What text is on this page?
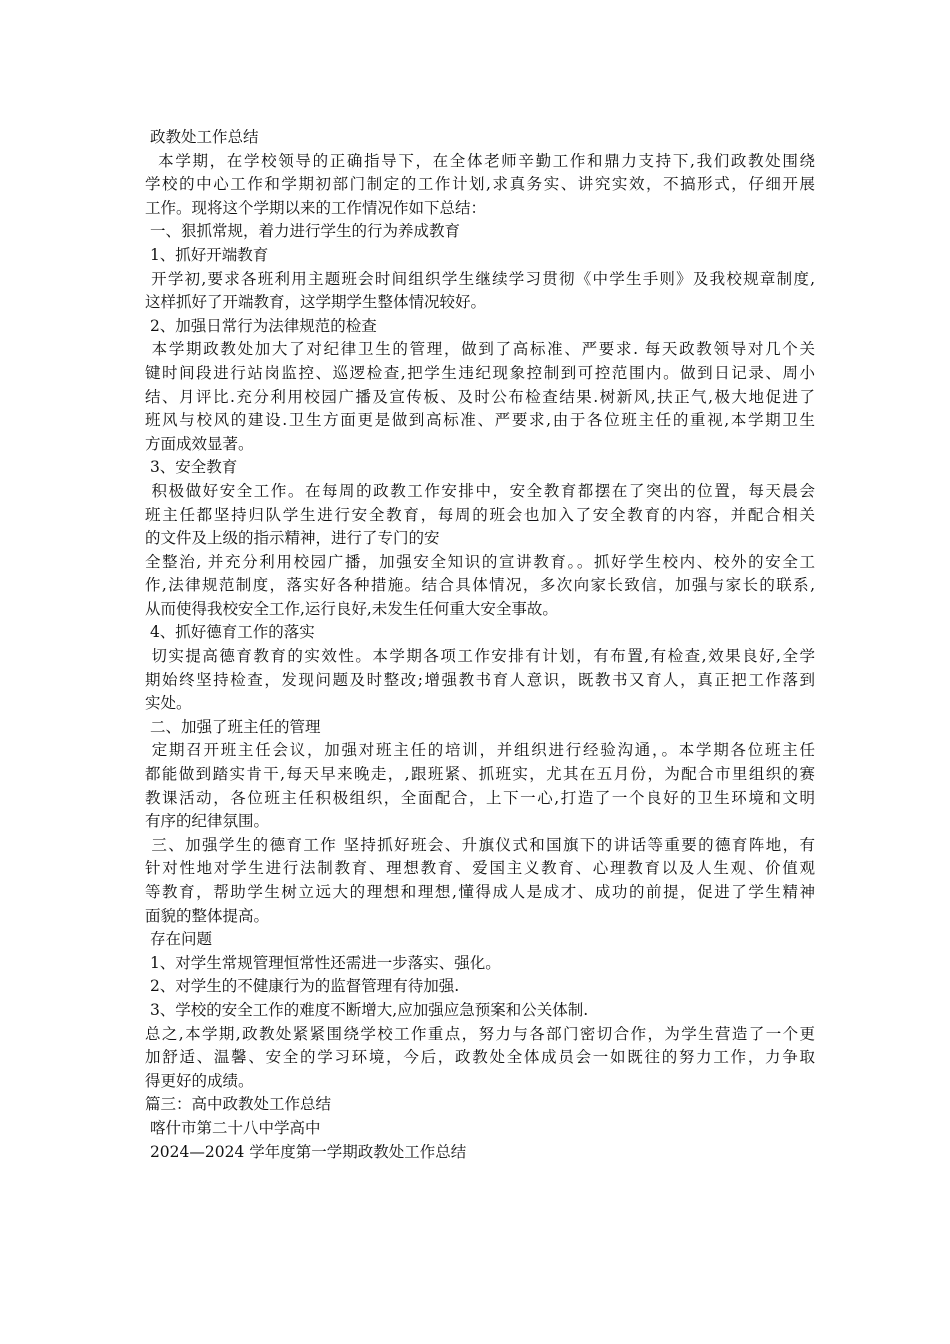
政教处工作总结
本学期，在学校领导的正确指导下，在全体老师辛勤工作和鼎力支持下,我们政教处围绕
学校的中心工作和学期初部门制定的工作计划,求真务实、讲究实效，不搞形式，仔细开展
工作。现将这个学期以来的工作情况作如下总结：
一、狠抓常规，着力进行学生的行为养成教育
1、抓好开端教育
开学初,要求各班利用主题班会时间组织学生继续学习贯彻《中学生手则》及我校规章制度,
这样抓好了开端教育，这学期学生整体情况较好。
2、加强日常行为法律规范的检查
本学期政教处加大了对纪律卫生的管理，做到了高标准、严要求. 每天政教领导对几个关
键时间段进行站岗监控、巡逻检查,把学生违纪现象控制到可控范围内。做到日记录、周小
结、月评比.充分利用校园广播及宣传板、及时公布检查结果.树新风,扶正气,极大地促进了
班风与校风的建设.卫生方面更是做到高标准、严要求,由于各位班主任的重视,本学期卫生
方面成效显著。
3、安全教育
积极做好安全工作。在每周的政教工作安排中，安全教育都摆在了突出的位置，每天晨会
班主任都坚持归队学生进行安全教育，每周的班会也加入了安全教育的内容，并配合相关
的文件及上级的指示精神，进行了专门的安
全整治, 并充分利用校园广播，加强安全知识的宣讲教育。。抓好学生校内、校外的安全工
作,法律规范制度，落实好各种措施。结合具体情况，多次向家长致信，加强与家长的联系,
从而使得我校安全工作,运行良好,未发生任何重大安全事故。
4、抓好德育工作的落实
切实提高德育教育的实效性。本学期各项工作安排有计划，有布置,有检查,效果良好,全学
期始终坚持检查，发现问题及时整改;增强教书育人意识，既教书又育人，真正把工作落到
实处。
二、加强了班主任的管理
定期召开班主任会议，加强对班主任的培训，并组织进行经验沟通，。本学期各位班主任
都能做到踏实肯干,每天早来晚走，,跟班紧、抓班实，尤其在五月份，为配合市里组织的赛
教课活动，各位班主任积极组织，全面配合，上下一心,打造了一个良好的卫生环境和文明
有序的纪律氛围。
三、加强学生的德育工作 坚持抓好班会、升旗仪式和国旗下的讲话等重要的德育阵地，有
针对性地对学生进行法制教育、理想教育、爱国主义教育、心理教育以及人生观、价值观
等教育，帮助学生树立远大的理想和理想,懂得成人是成才、成功的前提，促进了学生精神
面貌的整体提高。
存在问题
1、对学生常规管理恒常性还需进一步落实、强化。
2、对学生的不健康行为的监督管理有待加强.
3、学校的安全工作的难度不断增大,应加强应急预案和公关体制.
总之,本学期,政教处紧紧围绕学校工作重点，努力与各部门密切合作，为学生营造了一个更
加舒适、温馨、安全的学习环境，今后，政教处全体成员会一如既往的努力工作，力争取
得更好的成绩。
篇三：高中政教处工作总结
喀什市第二十八中学高中
2024—2024 学年度第一学期政教处工作总结
